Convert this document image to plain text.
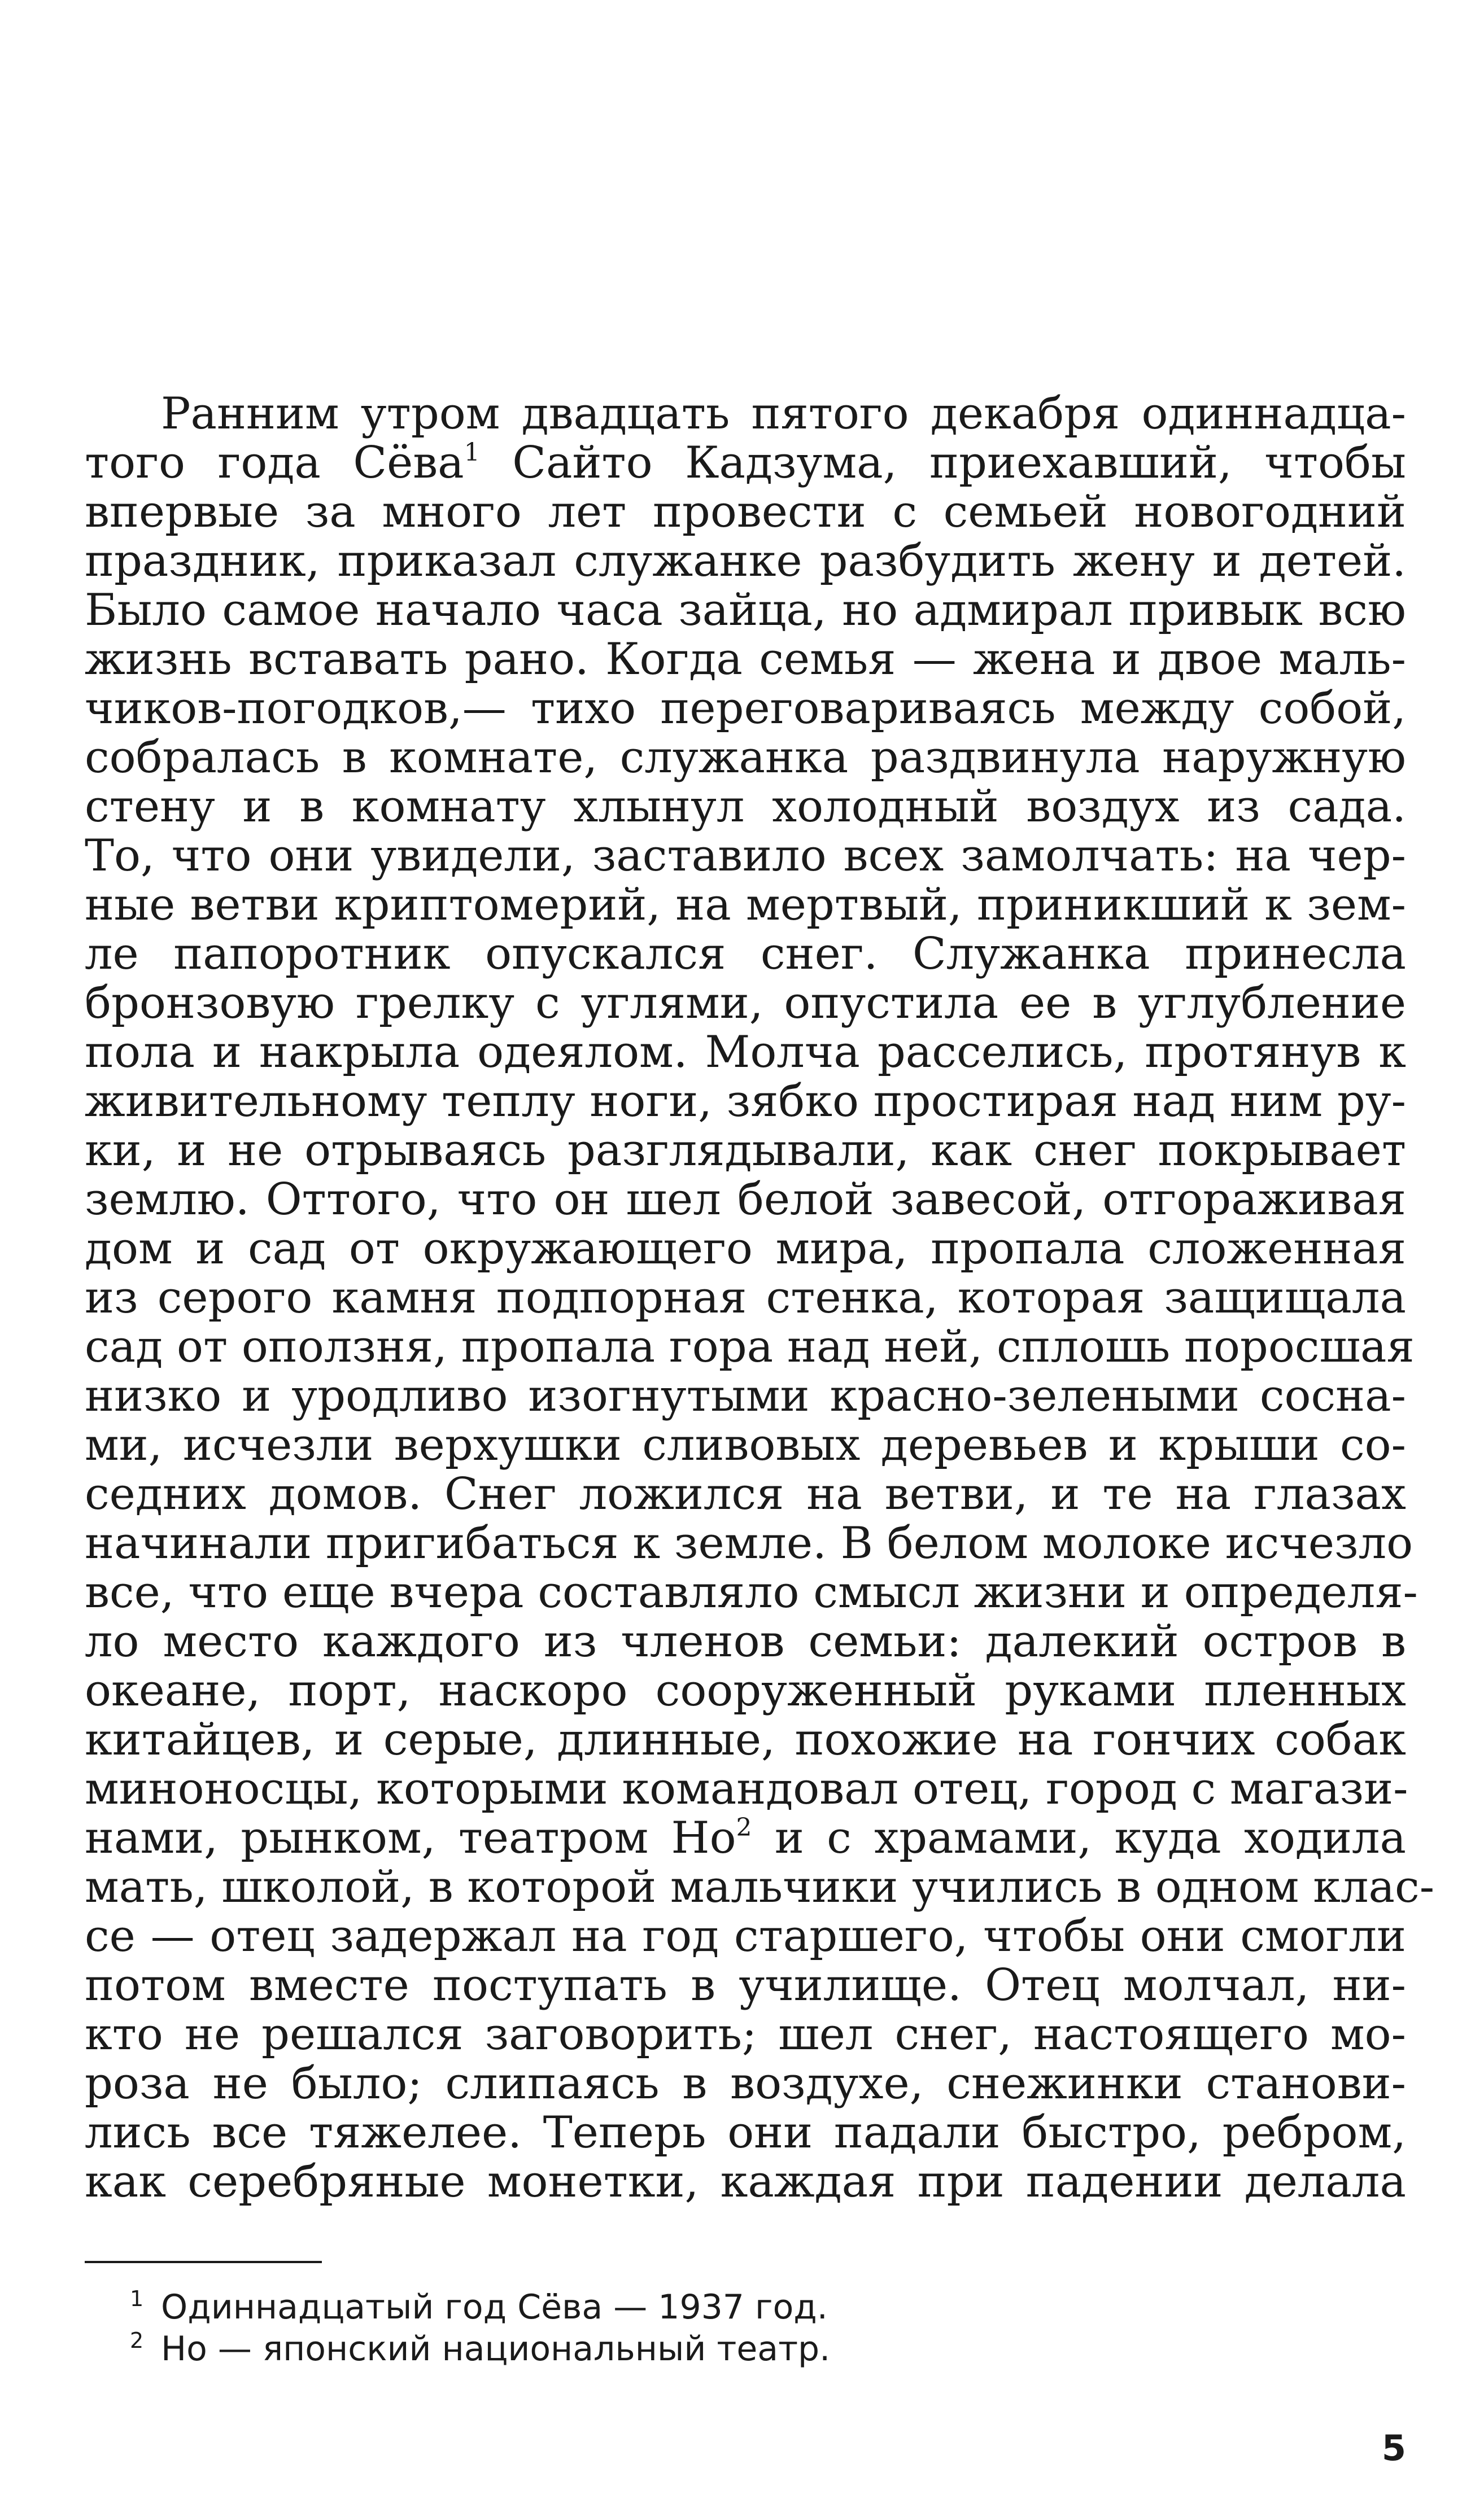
Ранним утром двадцать пятого декабря одиннадца-
того года Сёва$^1$ Сайто Кадзума, приехавший, чтобы
впервые за много лет провести с семьей новогодний
праздник, приказал служанке разбудить жену и детей.
Было самое начало часа зайца, но адмирал привык всю
жизнь вставать рано. Когда семья — жена и двое маль-
чиков-погодков,— тихо переговариваясь между собой,
собралась в комнате, служанка раздвинула наружную
стену и в комнату хлынул холодный воздух из сада.
То, что они увидели, заставило всех замолчать: на чер-
ные ветви криптомерий, на мертвый, приникший к зем-
ле папоротник опускался снег. Служанка принесла
бронзовую грелку с углями, опустила ее в углубление
пола и накрыла одеялом. Молча расселись, протянув к
живительному теплу ноги, зябко простирая над ним ру-
ки, и не отрываясь разглядывали, как снег покрывает
землю. Оттого, что он шел белой завесой, отгораживая
дом и сад от окружающего мира, пропала сложенная
из серого камня подпорная стенка, которая защищала
сад от оползня, пропала гора над ней, сплошь поросшая
низко и уродливо изогнутыми красно-зелеными сосна-
ми, исчезли верхушки сливовых деревьев и крыши со-
седних домов. Снег ложился на ветви, и те на глазах
начинали пригибаться к земле. В белом молоке исчезло
все, что еще вчера составляло смысл жизни и определя-
ло место каждого из членов семьи: далекий остров в
океане, порт, наскоро сооруженный руками пленных
китайцев, и серые, длинные, похожие на гончих собак
миноносцы, которыми командовал отец, город с магази-
нами, рынком, театром Но$^2$ и с храмами, куда ходила
мать, школой, в которой мальчики учились в одном клас-
се — отец задержал на год старшего, чтобы они смогли
потом вместе поступать в училище. Отец молчал, ни-
кто не решался заговорить; шел снег, настоящего мо-
роза не было; слипаясь в воздухе, снежинки станови-
лись все тяжелее. Теперь они падали быстро, ребром,
как серебряные монетки, каждая при падении делала
1 Одиннадцатый год Сёва — 1937 год.
2 Но — японский национальный театр.
5
